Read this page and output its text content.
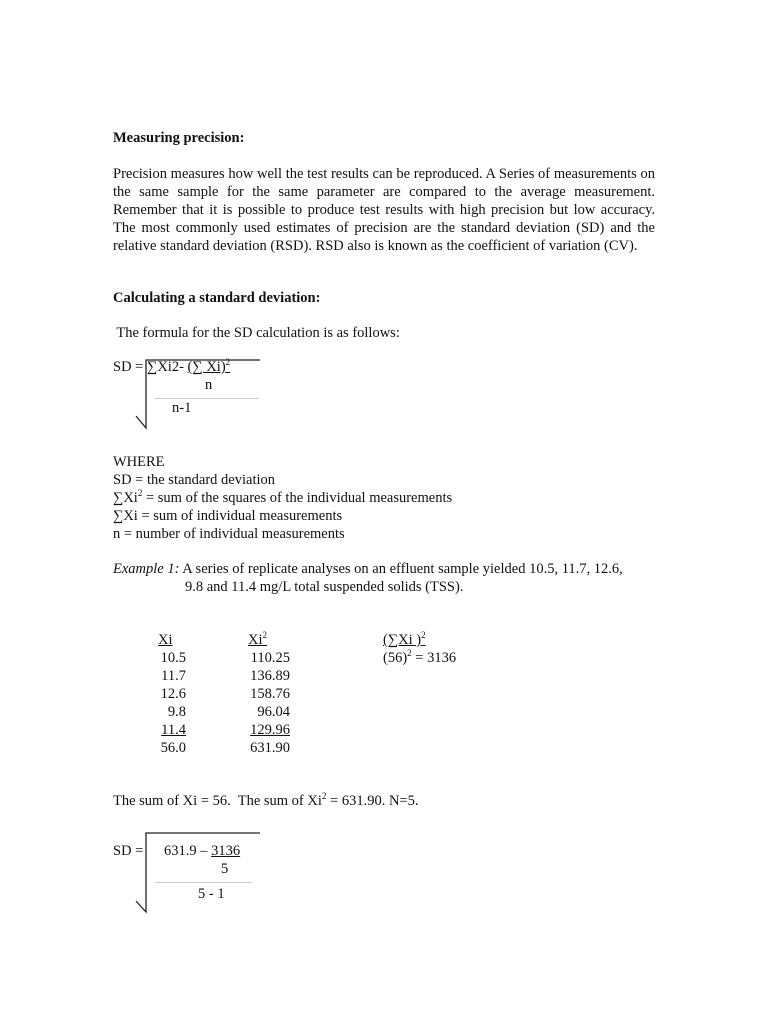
Measuring precision:
Precision measures how well the test results can be reproduced. A Series of measurements on the same sample for the same parameter are compared to the average measurement. Remember that it is possible to produce test results with high precision but low accuracy. The most commonly used estimates of precision are the standard deviation (SD) and the relative standard deviation (RSD). RSD also is known as the coefficient of variation (CV).
Calculating a standard deviation:
The formula for the SD calculation is as follows:
SD = ∑Xi2- (∑ Xi)$^2$
n
n-1
WHERE
SD = the standard deviation
$\sum Xi^2$ = sum of the squares of the individual measurements
∑Xi = sum of individual measurements
n = number of individual measurements
Example 1: A series of replicate analyses on an effluent sample yielded 10.5, 11.7, 12.6,
9.8 and 11.4 mg/L total suspended solids (TSS).
Xi	Xi$^2$	(∑Xi )$^2$
10.5
11.7
12.6
9.8
11.4
56.0
110.25
136.89
158.76
96.04
129.96
631.90
$(56)^2 = 3136$
The sum of Xi = 56.  The sum of $Xi^2 = 631.90$. N=5.
SD = 631.9 – 3136
5
5 - 1
